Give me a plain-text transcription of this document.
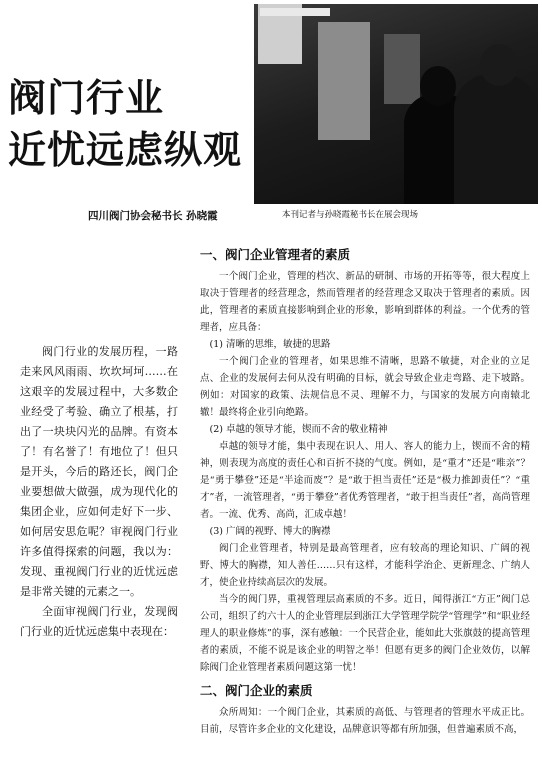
阀门行业
近忧远虑纵观
四川阀门协会秘书长 孙晓霞	本刊记者与孙晓霞秘书长在展会现场

阀门行业的发展历程，一路走来风风雨雨、坎坎坷坷……在这艰辛的发展过程中，大多数企业经受了考验、确立了根基，打出了一块块闪光的品牌。有资本了！有名誉了！有地位了！但只是开头，今后的路还长，阀门企业要想做大做强，成为现代化的集团企业，应如何走好下一步、如何居安思危呢？审视阀门行业许多值得探索的问题，我以为：发现、重视阀门行业的近忧远虑是非常关键的元素之一。

全面审视阀门行业，发现阀门行业的近忧远虑集中表现在：

一、阀门企业管理者的素质

一个阀门企业，管理的档次、新品的研制、市场的开拓等等，很大程度上取决于管理者的经营理念，然而管理者的经营理念又取决于管理者的素质。因此，管理者的素质直接影响到企业的形象，影响到群体的利益。一个优秀的管理者，应具备：

(1) 清晰的思维，敏捷的思路

一个阀门企业的管理者，如果思维不清晰，思路不敏捷，对企业的立足点、企业的发展何去何从没有明确的目标，就会导致企业走弯路、走下坡路。例如：对国家的政策、法规信息不灵、理解不力，与国家的发展方向南辕北辙！最终将企业引向绝路。

(2) 卓越的领导才能，锲而不舍的敬业精神

卓越的领导才能，集中表现在识人、用人、容人的能力上，锲而不舍的精神，则表现为高度的责任心和百折不挠的气度。例如，是“重才”还是“唯亲”？是“勇于攀登”还是“半途而废”？是“敢于担当责任”还是“极力推卸责任”？“重才”者，一流管理者，“勇于攀登”者优秀管理者，“敢于担当责任”者，高尚管理者。一流、优秀、高尚，汇成卓越！

(3) 广阔的视野、博大的胸襟

阀门企业管理者，特别是最高管理者，应有较高的理论知识、广阔的视野、博大的胸襟，知人善任……只有这样，才能科学治企、更新理念、广纳人才，使企业持续高层次的发展。

当今的阀门界，重视管理层高素质的不多。近日，闻得浙江“方正”阀门总公司，组织了约六十人的企业管理层到浙江大学管理学院学“管理学”和“职业经理人的职业修炼”的事，深有感触：一个民营企业，能如此大张旗鼓的提高管理者的素质，不能不说是该企业的明智之举！但愿有更多的阀门企业效仿，以解除阀门企业管理者素质问题这第一忧！

二、阀门企业的素质

众所周知：一个阀门企业，其素质的高低、与管理者的管理水平成正比。目前，尽管许多企业的文化建设，品牌意识等都有所加强，但普遍素质不高，
